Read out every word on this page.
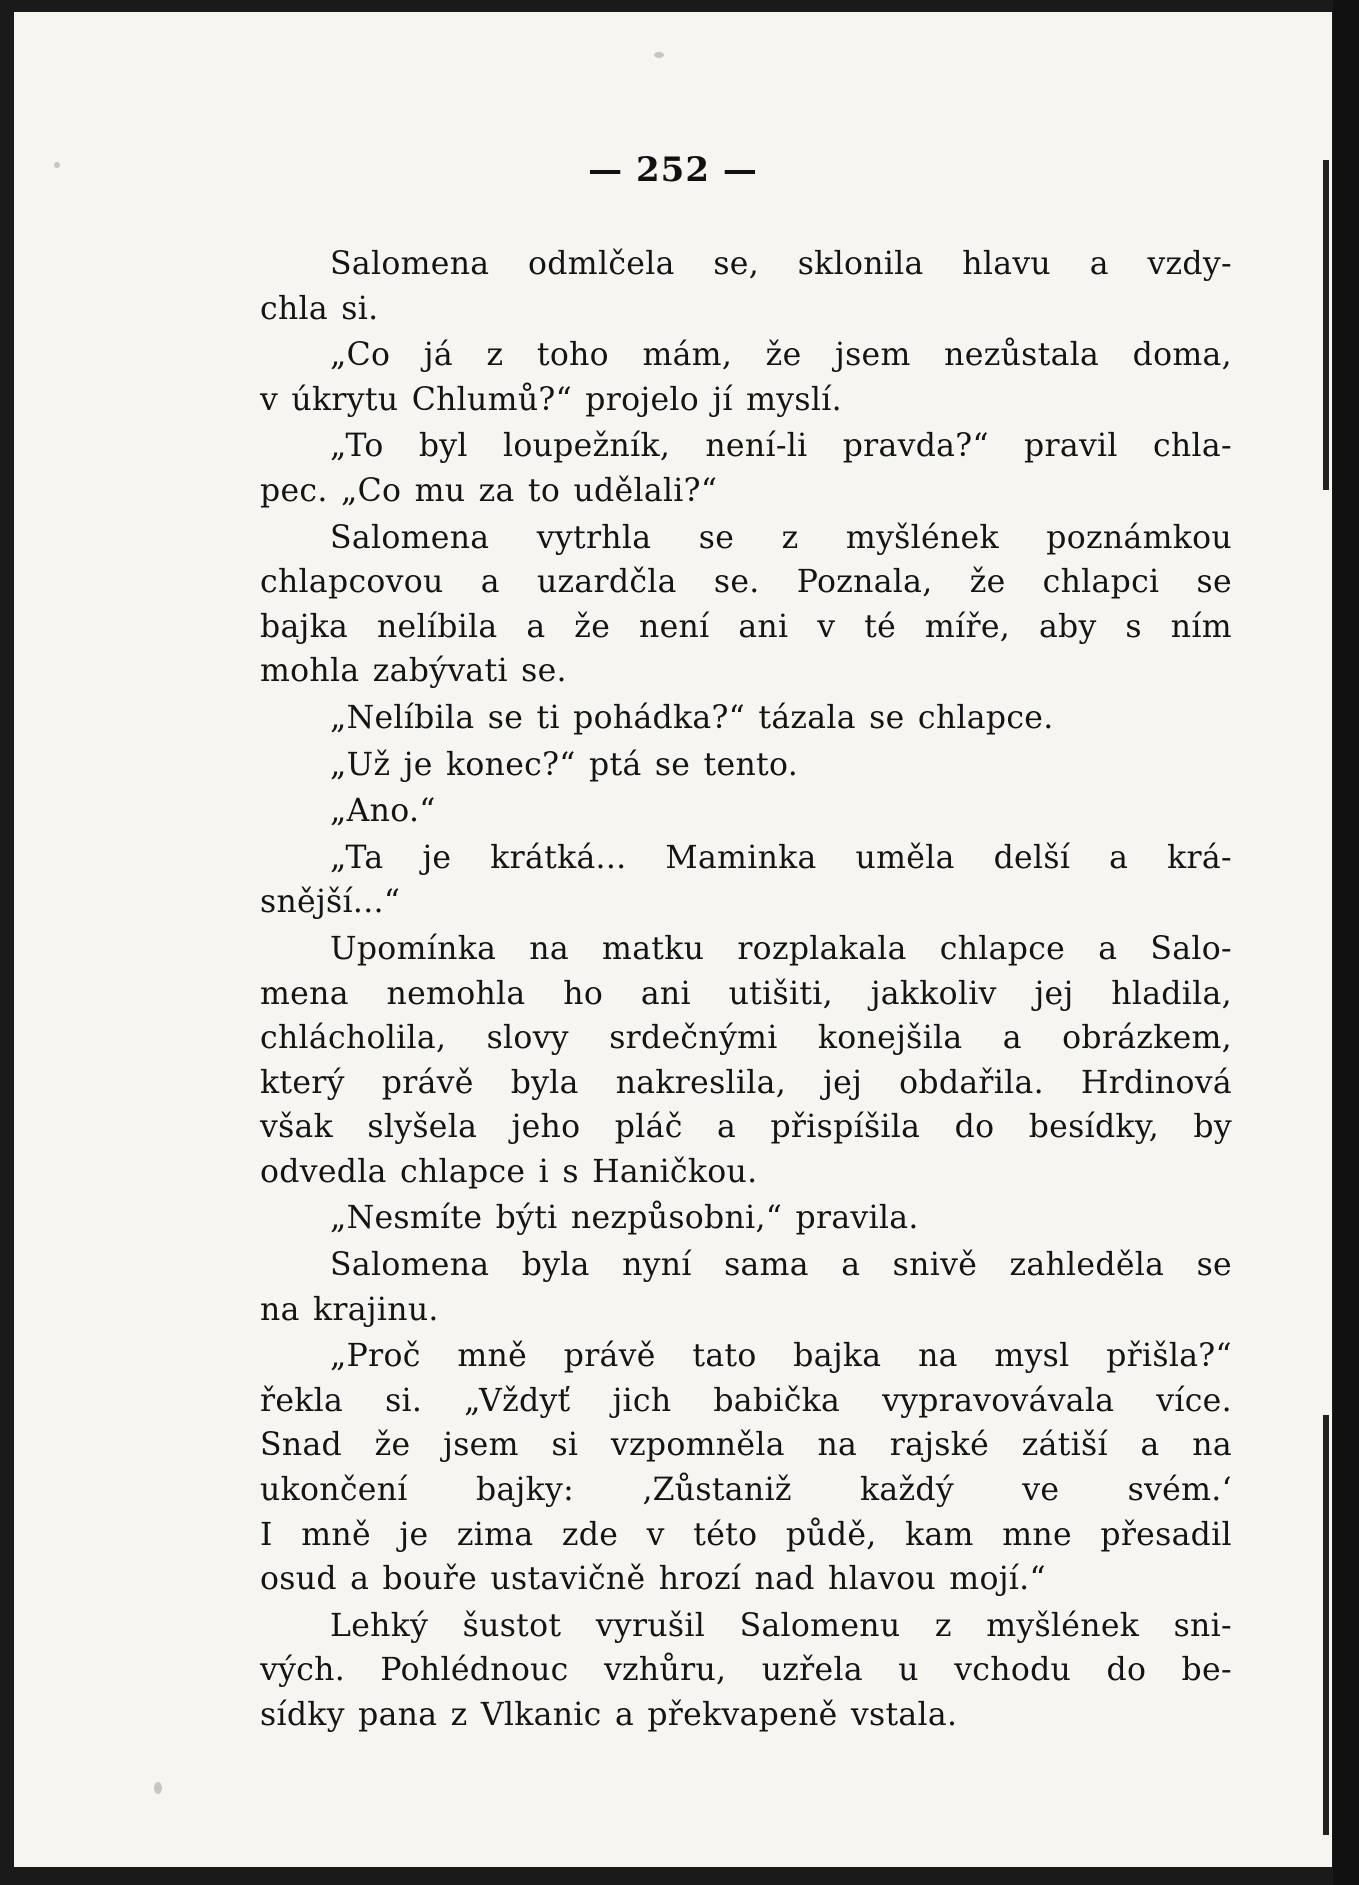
— 2​52 —
Salomena odmlčela se, sklonila hlavu a vzdy-
chla si.
„Co já z toho mám, že jsem nezůstala doma,
v úkrytu Chlumů?“ projelo jí myslí.
„To byl loupežník, není-li pravda?“ pravil chla-
pec. „Co mu za to udělali?“
Salomena vytrhla se z myšlének poznámkou
chlapcovou a uzardčla se. Poznala, že chlapci se
bajka nelíbila a že není ani v té míře, aby s ním
mohla zabývati se.
„Nelíbila se ti pohádka?“ tázala se chlapce.
„Už je konec?“ ptá se tento.
„Ano.“
„Ta je krátká... Maminka uměla delší a krá-
snější...“
Upomínka na matku rozplakala chlapce a Salo-
mena nemohla ho ani utišiti, jakkoliv jej hladila,
chlácholila, slovy srdečnými konejšila a obrázkem,
který právě byla nakreslila, jej obdařila. Hrdinová
však slyšela jeho pláč a přispíšila do besídky, by
odvedla chlapce i s Haničkou.
„Nesmíte býti nezpůsobni,“ pravila.
Salomena byla nyní sama a snivě zahleděla se
na krajinu.
„Proč mně právě tato bajka na mysl přišla?“
řekla si. „Vždyť jich babička vypravovávala více.
Snad že jsem si vzpomněla na rajské zátiší a na
ukončení bajky: ‚Zůstaniž každý ve svém.‘
I mně je zima zde v této půdě, kam mne přesadil
osud a bouře ustavičně hrozí nad hlavou mojí.“
Lehký šustot vyrušil Salomenu z myšlének sni-
vých. Pohlédnouc vzhůru, uzřela u vchodu do be-
sídky pana z Vlkanic a překvapeně vstala.
